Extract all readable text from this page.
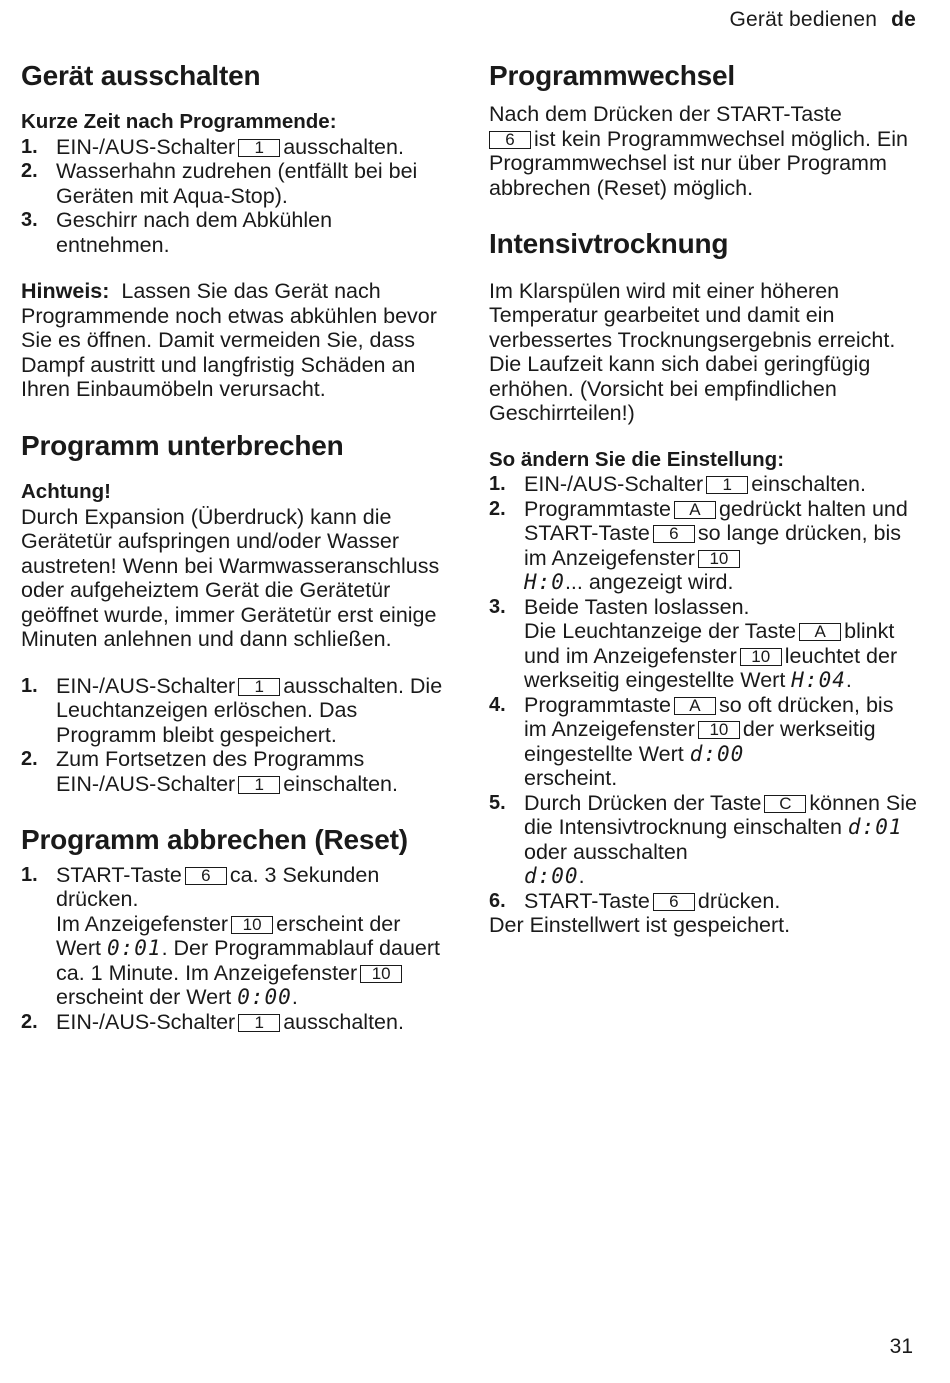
Gerät bedienen de
Gerät ausschalten
Kurze Zeit nach Programmende:
1. EIN-/AUS-Schalter 1 ausschalten.
2. Wasserhahn zudrehen (entfällt bei bei Geräten mit Aqua-Stop).
3. Geschirr nach dem Abkühlen entnehmen.

Hinweis: Lassen Sie das Gerät nach Programmende noch etwas abkühlen bevor Sie es öffnen. Damit vermeiden Sie, dass Dampf austritt und langfristig Schäden an Ihren Einbaumöbeln verursacht.

Programm unterbrechen
Achtung!

Durch Expansion (Überdruck) kann die Gerätetür aufspringen und/oder Wasser austreten! Wenn bei Warmwasseranschluss oder aufgeheiztem Gerät die Gerätetür geöffnet wurde, immer Gerätetür erst einige Minuten anlehnen und dann schließen.

1. EIN-/AUS-Schalter 1 ausschalten. Die Leuchtanzeigen erlöschen. Das Programm bleibt gespeichert.
2. Zum Fortsetzen des Programms EIN-/AUS-Schalter 1 einschalten.
Programm abbrechen (Reset)
1. START-Taste 6 ca. 3 Sekunden drücken.
Im Anzeigefenster 10 erscheint der Wert 0:01. Der Programmablauf dauert ca. 1 Minute. Im Anzeigefenster 10erscheint der Wert 0:00.
2. EIN-/AUS-Schalter 1 ausschalten.
Programmwechsel

Nach dem Drücken der START-Taste
6 ist kein Programmwechsel möglich. Ein Programmwechsel ist nur über Programm abbrechen (Reset) möglich.

Intensivtrocknung

Im Klarspülen wird mit einer höheren Temperatur gearbeitet und damit ein verbessertes Trocknungsergebnis erreicht. Die Laufzeit kann sich dabei geringfügig erhöhen. (Vorsicht bei empfindlichen Geschirrteilen!)

So ändern Sie die Einstellung:
1. EIN-/AUS-Schalter 1 einschalten.
2. Programmtaste A gedrückt halten und START-Taste 6 so lange drücken, bis im Anzeigefenster 10
H:0... angezeigt wird.
3. Beide Tasten loslassen.
Die Leuchtanzeige der Taste A blinkt und im Anzeigefenster 10 leuchtet der werkseitig eingestellte Wert H:04.
4. Programmtaste A so oft drücken, bis im Anzeigefenster 10 der werkseitig eingestellte Wert d:00
erscheint.
5. Durch Drücken der Taste C können Sie die Intensivtrocknung einschalten d:01 oder ausschalten
d:00.
6. START-Taste 6 drücken.

Der Einstellwert ist gespeichert.

31
